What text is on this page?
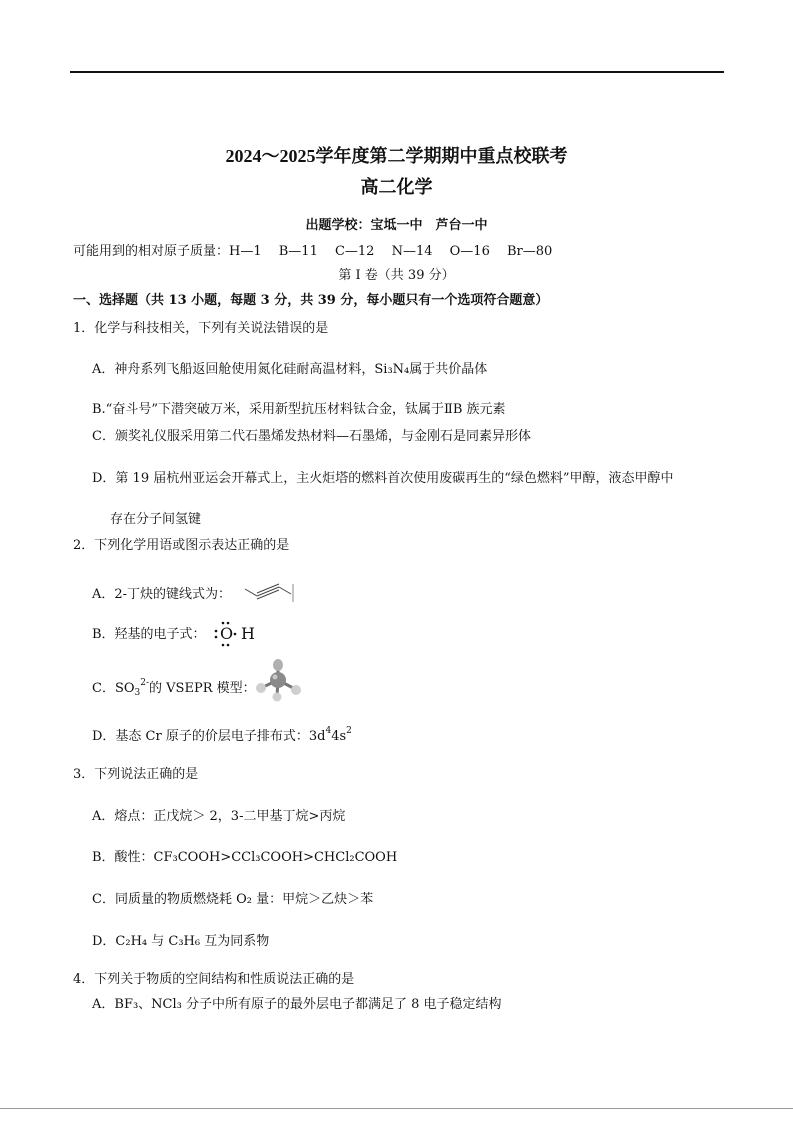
2024～2025学年度第二学期期中重点校联考
高二化学
出题学校：宝坻一中　芦台一中
可能用到的相对原子质量：H—1　 B—11　 C—12　 N—14　 O—16　 Br—80
第 I 卷（共 39 分）
一、选择题（共 13 小题，每题 3 分，共 39 分，每小题只有一个选项符合题意）
1．化学与科技相关，下列有关说法错误的是
A．神舟系列飞船返回舱使用氮化硅耐高温材料，Si₃N₄属于共价晶体
B.“奋斗号”下潜突破万米，采用新型抗压材料钛合金，钛属于ⅡB 族元素
C．颁奖礼仪服采用第二代石墨烯发热材料—石墨烯，与金刚石是同素异形体
D．第 19 届杭州亚运会开幕式上，主火炬塔的燃料首次使用废碳再生的“绿色燃料”甲醇，液态甲醇中
存在分子间氢键
2．下列化学用语或图示表达正确的是
A．2-丁炔的键线式为：
B．羟基的电子式： O H
C．$SO_3^{2-}$的 VSEPR 模型：
D．基态 Cr 原子的价层电子排布式：$3d^44s^2$
3．下列说法正确的是
A．熔点：正戊烷＞ 2，3-二甲基丁烷>丙烷
B．酸性：CF₃COOH>CCl₃COOH>CHCl₂COOH
C．同质量的物质燃烧耗 O₂ 量：甲烷＞乙炔＞苯
D．C₂H₄ 与 C₃H₆ 互为同系物
4．下列关于物质的空间结构和性质说法正确的是
A．BF₃、NCl₃ 分子中所有原子的最外层电子都满足了 8 电子稳定结构
